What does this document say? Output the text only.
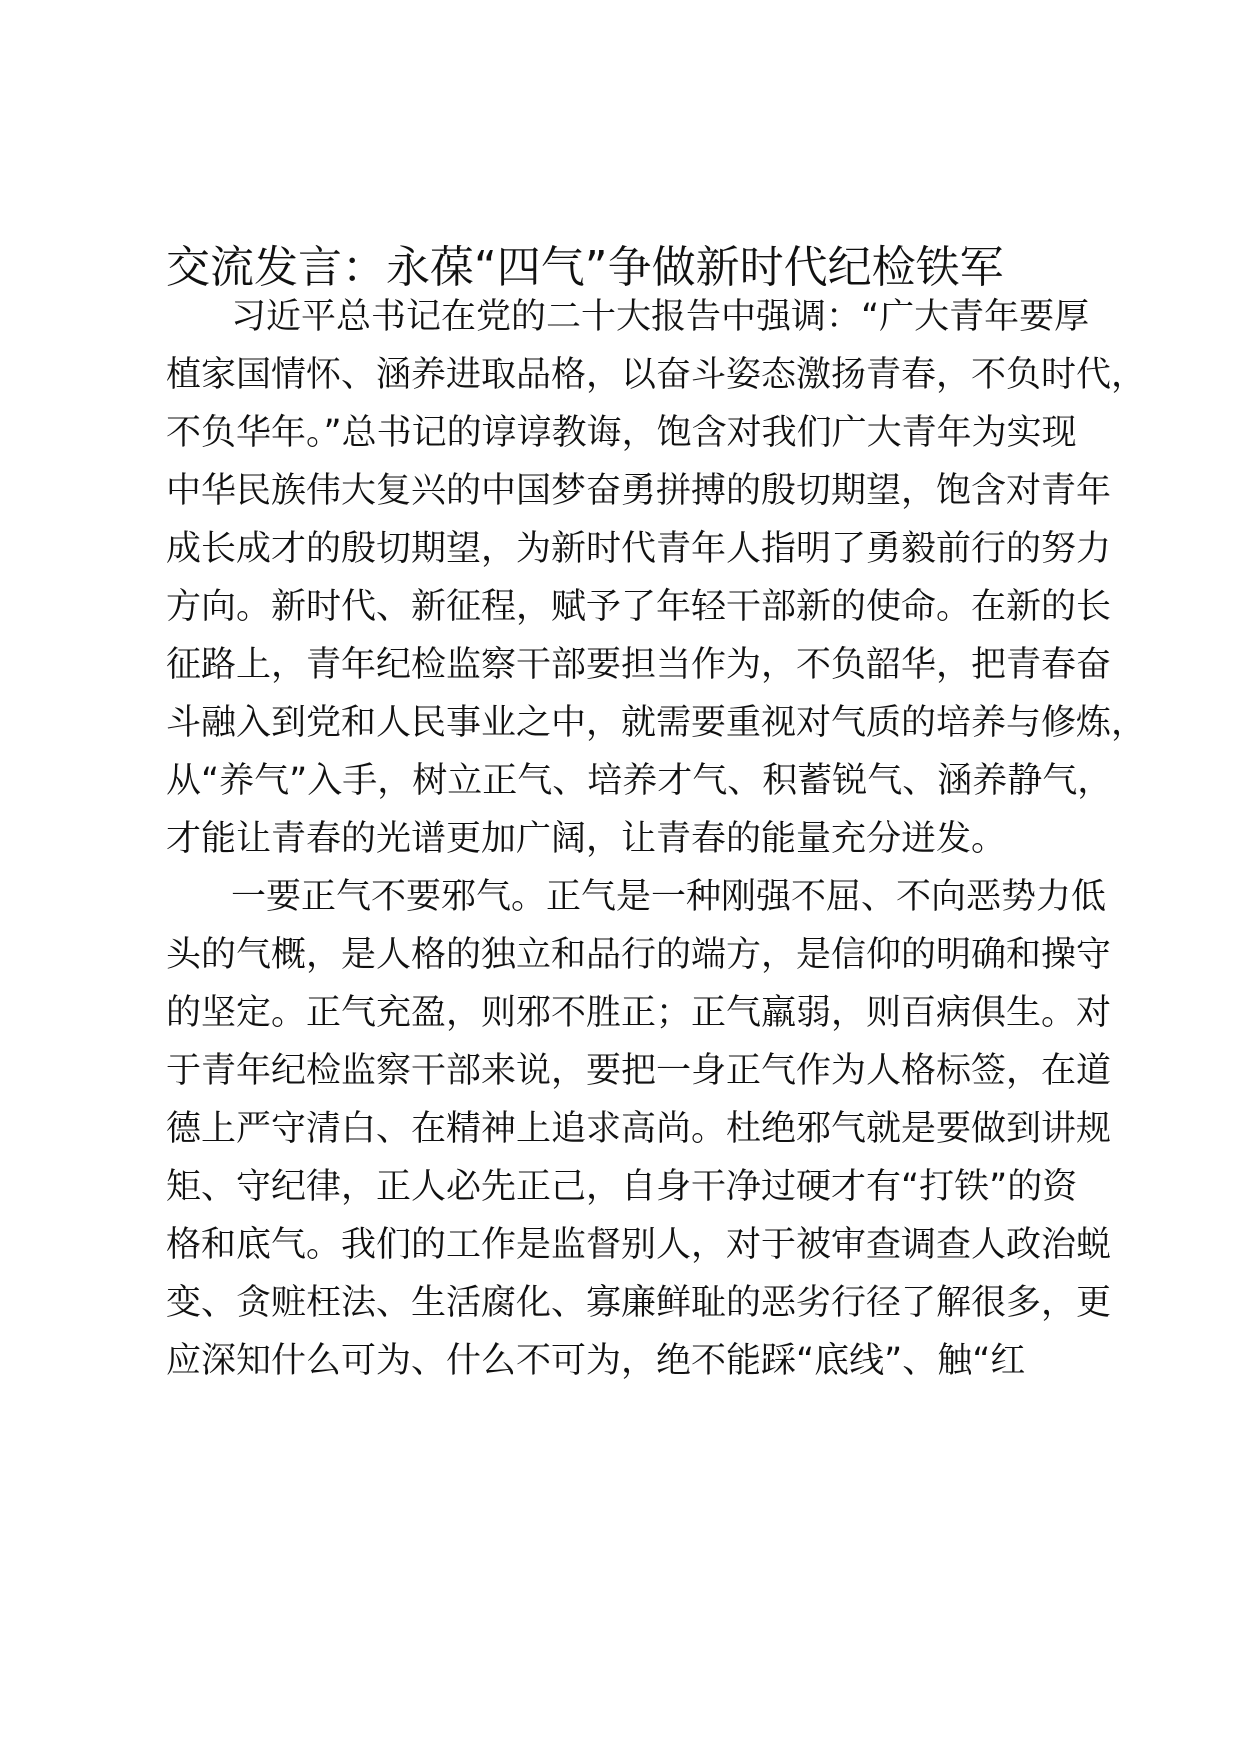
交流发言：永葆“四气”争做新时代纪检铁军
　习近平总书记在党的二十大报告中强调：“广大青年要厚
植家国情怀、涵养进取品格，以奋斗姿态激扬青春，不负时代，
不负华年。”总书记的谆谆教诲，饱含对我们广大青年为实现
中华民族伟大复兴的中国梦奋勇拼搏的殷切期望，饱含对青年
成长成才的殷切期望，为新时代青年人指明了勇毅前行的努力
方向。新时代、新征程，赋予了年轻干部新的使命。在新的长
征路上，青年纪检监察干部要担当作为，不负韶华，把青春奋
斗融入到党和人民事业之中，就需要重视对气质的培养与修炼，
从“养气”入手，树立正气、培养才气、积蓄锐气、涵养静气，
才能让青春的光谱更加广阔，让青春的能量充分迸发。
　一要正气不要邪气。正气是一种刚强不屈、不向恶势力低
头的气概，是人格的独立和品行的端方，是信仰的明确和操守
的坚定。正气充盈，则邪不胜正；正气羸弱，则百病俱生。对
于青年纪检监察干部来说，要把一身正气作为人格标签，在道
德上严守清白、在精神上追求高尚。杜绝邪气就是要做到讲规
矩、守纪律，正人必先正己，自身干净过硬才有“打铁”的资
格和底气。我们的工作是监督别人，对于被审查调查人政治蜕
变、贪赃枉法、生活腐化、寡廉鲜耻的恶劣行径了解很多，更
应深知什么可为、什么不可为，绝不能踩“底线”、触“红
